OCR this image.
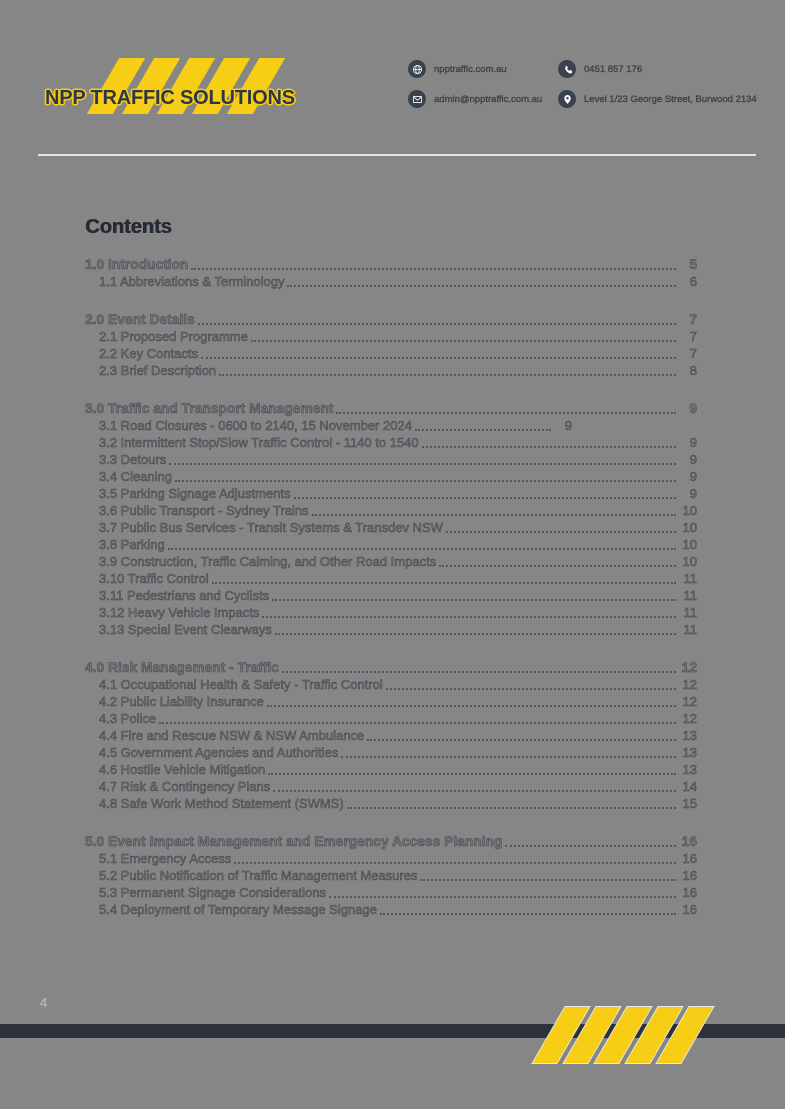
NPP TRAFFIC SOLUTIONS
npptraffic.com.au	0451 857 176
admin@npptraffic.com.au	Level 1/23 George Street, Burwood 2134
Contents
1.0 Introduction	5
1.1 Abbreviations & Terminology	6
2.0 Event Details	7
2.1 Proposed Programme	7
2.2 Key Contacts	7
2.3 Brief Description	8
3.0 Traffic and Transport Management	9
3.1 Road Closures - 0600 to 2140, 15 November 2024	9
3.2 Intermittent Stop/Slow Traffic Control - 1140 to 1540	9
3.3 Detours	9
3.4 Cleaning	9
3.5 Parking Signage Adjustments	9
3.6 Public Transport - Sydney Trains	10
3.7 Public Bus Services - Transit Systems & Transdev NSW	10
3.8 Parking	10
3.9 Construction, Traffic Calming, and Other Road Impacts	10
3.10 Traffic Control	11
3.11 Pedestrians and Cyclists	11
3.12 Heavy Vehicle Impacts	11
3.13 Special Event Clearways	11
4.0 Risk Management - Traffic	12
4.1 Occupational Health & Safety - Traffic Control	12
4.2 Public Liability Insurance	12
4.3 Police	12
4.4 Fire and Rescue NSW & NSW Ambulance	13
4.5 Government Agencies and Authorities	13
4.6 Hostile Vehicle Mitigation	13
4.7 Risk & Contingency Plans	14
4.8 Safe Work Method Statement (SWMS)	15
5.0 Event Impact Management and Emergency Access Planning	16
5.1 Emergency Access	16
5.2 Public Notification of Traffic Management Measures	16
5.3 Permanent Signage Considerations	16
5.4 Deployment of Temporary Message Signage	16
4
